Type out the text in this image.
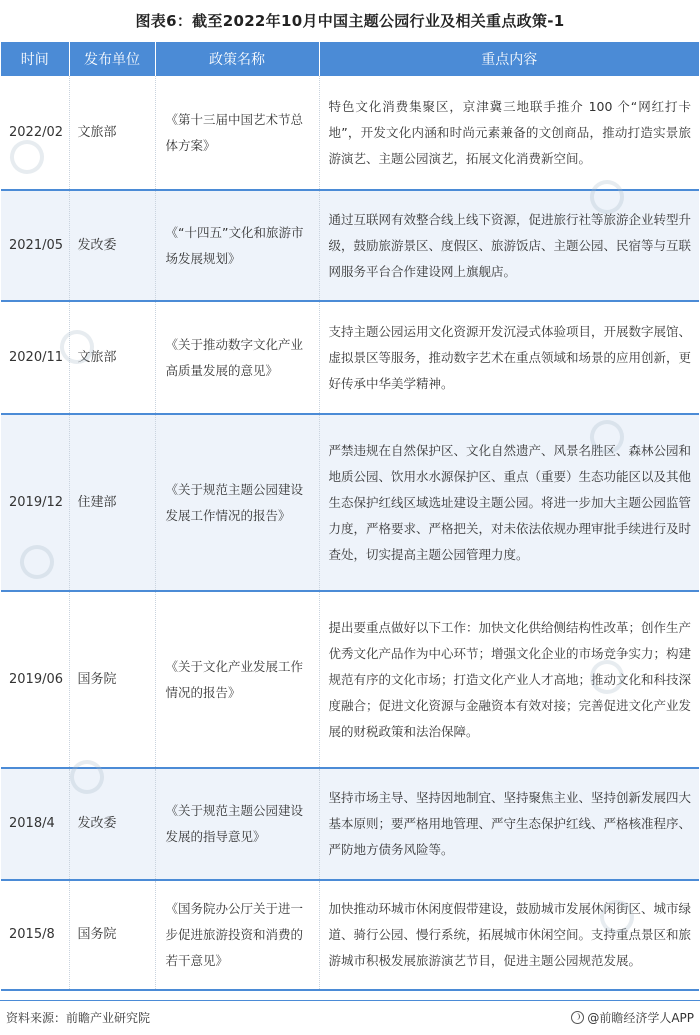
图表6：截至2022年10月中国主题公园行业及相关重点政策-1
时间	发布单位	政策名称	重点内容
2022/02	文旅部	《第十三届中国艺术节总体方案》	特色文化消费集聚区，京津冀三地联手推介 100 个“网红打卡地”，开发文化内涵和时尚元素兼备的文创商品，推动打造实景旅游演艺、主题公园演艺，拓展文化消费新空间。
2021/05	发改委	《“十四五”文化和旅游市场发展规划》	通过互联网有效整合线上线下资源，促进旅行社等旅游企业转型升级，鼓励旅游景区、度假区、旅游饭店、主题公园、民宿等与互联网服务平台合作建设网上旗舰店。
2020/11	文旅部	《关于推动数字文化产业高质量发展的意见》	支持主题公园运用文化资源开发沉浸式体验项目，开展数字展馆、虚拟景区等服务，推动数字艺术在重点领域和场景的应用创新，更好传承中华美学精神。
2019/12	住建部	《关于规范主题公园建设发展工作情况的报告》	严禁违规在自然保护区、文化自然遗产、风景名胜区、森林公园和地质公园、饮用水水源保护区、重点（重要）生态功能区以及其他生态保护红线区域选址建设主题公园。将进一步加大主题公园监管力度，严格要求、严格把关，对未依法依规办理审批手续进行及时查处，切实提高主题公园管理力度。
2019/06	国务院	《关于文化产业发展工作情况的报告》	提出要重点做好以下工作：加快文化供给侧结构性改革；创作生产优秀文化产品作为中心环节；增强文化企业的市场竞争实力；构建规范有序的文化市场；打造文化产业人才高地；推动文化和科技深度融合；促进文化资源与金融资本有效对接；完善促进文化产业发展的财税政策和法治保障。
2018/4	发改委	《关于规范主题公园建设发展的指导意见》	坚持市场主导、坚持因地制宜、坚持聚焦主业、坚持创新发展四大基本原则；要严格用地管理、严守生态保护红线、严格核准程序、严防地方债务风险等。
2015/8	国务院	《国务院办公厅关于进一步促进旅游投资和消费的若干意见》	加快推动环城市休闲度假带建设，鼓励城市发展休闲街区、城市绿道、骑行公园、慢行系统，拓展城市休闲空间。支持重点景区和旅游城市积极发展旅游演艺节目，促进主题公园规范发展。
资料来源：前瞻产业研究院	@前瞻经济学人APP
